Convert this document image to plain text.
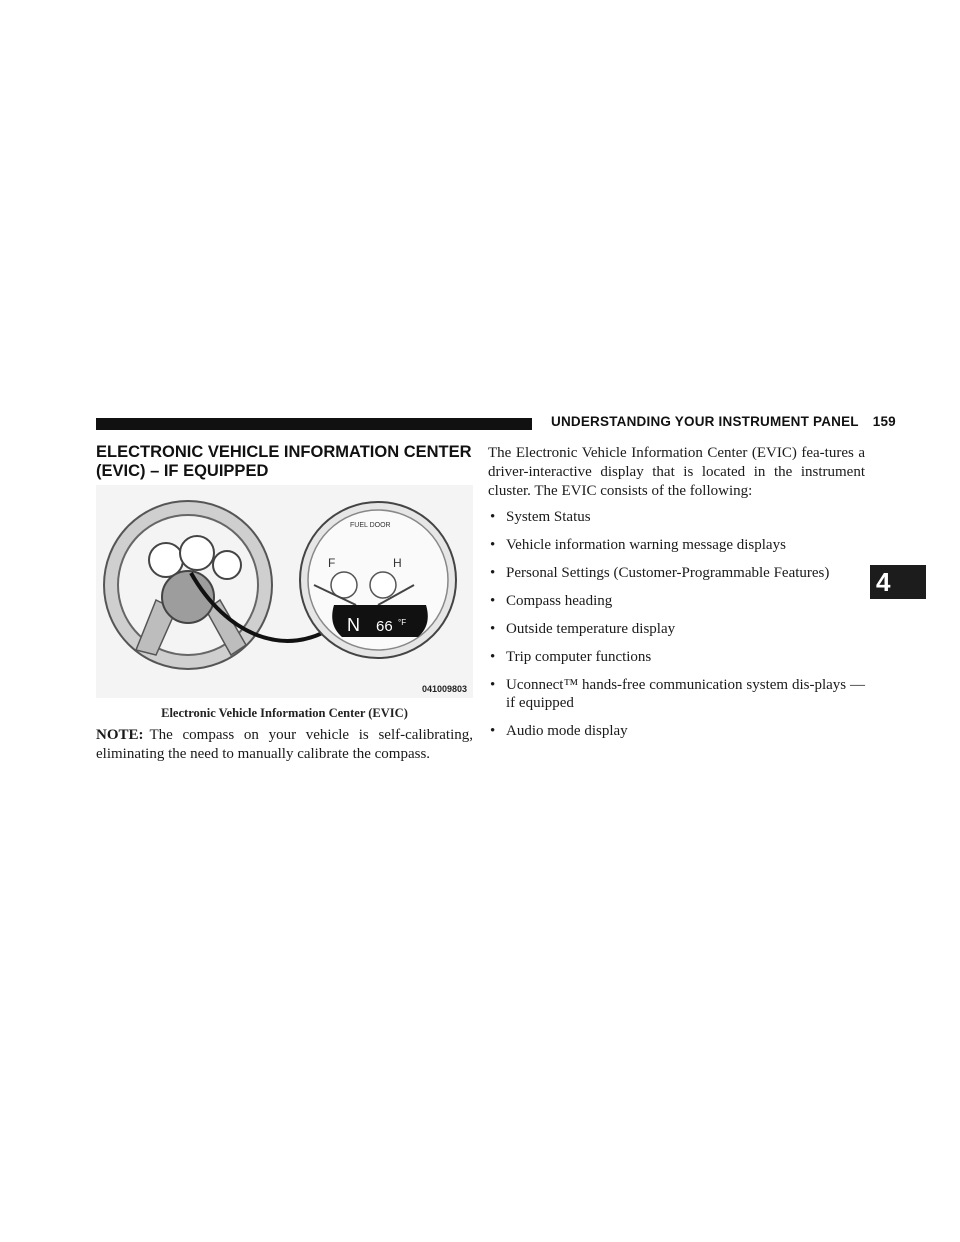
UNDERSTANDING YOUR INSTRUMENT PANEL 159
4
ELECTRONIC VEHICLE INFORMATION CENTER (EVIC) – IF EQUIPPED
FUEL DOOR
F	H
N 66 °F
041009803
Electronic Vehicle Information Center (EVIC)
NOTE: The compass on your vehicle is self-calibrating, eliminating the need to manually calibrate the compass.
The Electronic Vehicle Information Center (EVIC) fea-tures a driver-interactive display that is located in the instrument cluster. The EVIC consists of the following:
• System Status
• Vehicle information warning message displays
• Personal Settings (Customer-Programmable Features)
• Compass heading
• Outside temperature display
• Trip computer functions
• Uconnect™ hands-free communication system dis-plays — if equipped
• Audio mode display
